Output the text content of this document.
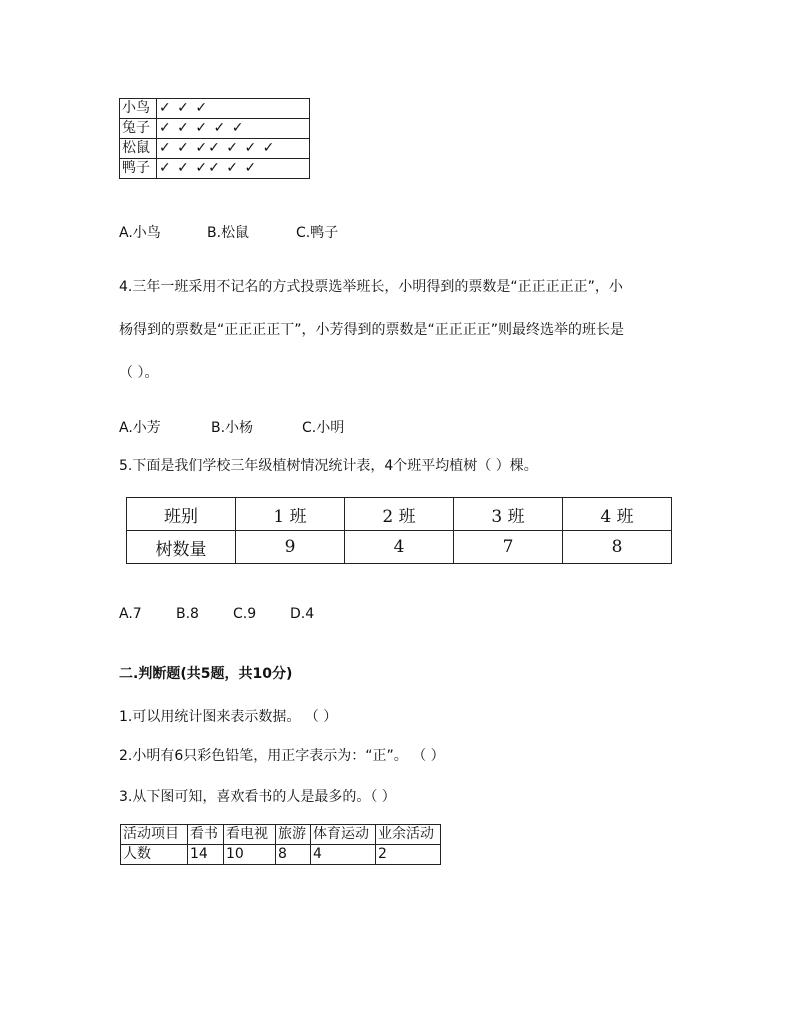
小鸟	✓ ✓ ✓
兔子	✓ ✓ ✓ ✓ ✓
松鼠	✓ ✓ ✓✓ ✓ ✓ ✓
鸭子	✓ ✓ ✓✓ ✓ ✓
A.小鸟	B.松鼠	C.鸭子
4.三年一班采用不记名的方式投票选举班长，小明得到的票数是“正正正正正”，小
杨得到的票数是“正正正正丅”，小芳得到的票数是“正正正正”则最终选举的班长是
（ ）。
A.小芳	B.小杨	C.小明
5.下面是我们学校三年级植树情况统计表，4个班平均植树（ ）棵。
班别	1 班	2 班	3 班	4 班
树数量	9	4	7	8
A.7 B.8 C.9 D.4
二.判断题(共5题，共10分)
1.可以用统计图来表示数据。 （ ）
2.小明有6只彩色铅笔，用正字表示为：“正”。 （ ）
3.从下图可知，喜欢看书的人是最多的。（ ）
活动项目	看书	看电视	旅游	体育运动	业余活动
人数	14	10	8	4	2
